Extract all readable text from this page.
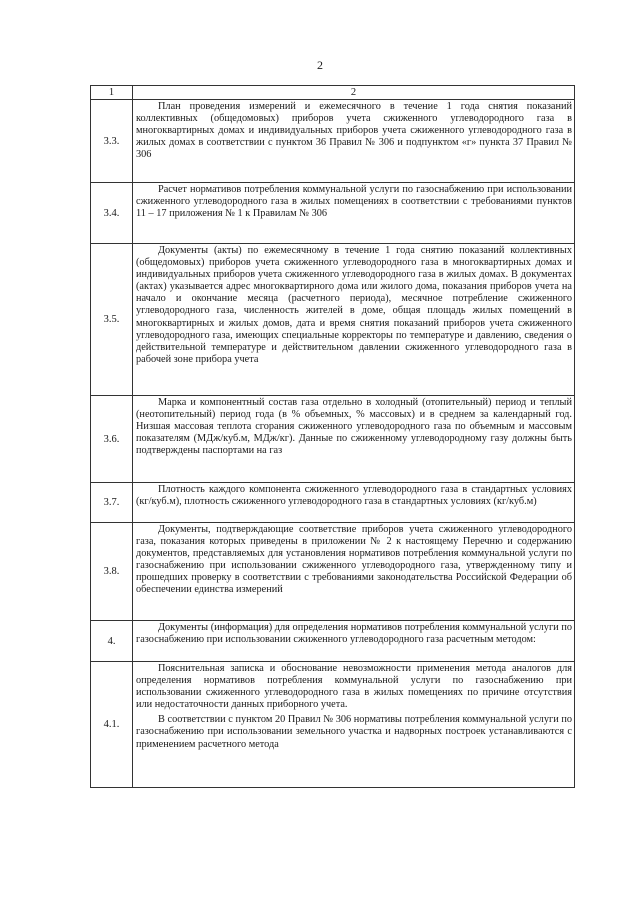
2
1	2
3.3.	План проведения измерений и ежемесячного в течение 1 года снятия показаний коллективных (общедомовых) приборов учета сжиженного углеводородного газа в многоквартирных домах и индивидуальных приборов учета сжиженного углеводородного газа в жилых домах в соответствии с пунктом 36 Правил № 306 и подпунктом «г» пункта 37 Правил № 306

3.4.	Расчет нормативов потребления коммунальной услуги по газоснабжению при использовании сжиженного углеводородного газа в жилых помещениях в соответствии с требованиями пунктов 11 – 17 приложения № 1 к Правилам № 306

3.5.	Документы (акты) по ежемесячному в течение 1 года снятию показаний коллективных (общедомовых) приборов учета сжиженного углеводородного газа в многоквартирных домах и индивидуальных приборов учета сжиженного углеводородного газа в жилых домах. В документах (актах) указывается адрес многоквартирного дома или жилого дома, показания приборов учета на начало и окончание месяца (расчетного периода), месячное потребление сжиженного углеводородного газа, численность жителей в доме, общая площадь жилых помещений в многоквартирных и жилых домов, дата и время снятия показаний приборов учета сжиженного углеводородного газа, имеющих специальные корректоры по температуре и давлению, сведения о действительной температуре и действительном давлении сжиженного углеводородного газа в рабочей зоне прибора учета

3.6.	Марка и компонентный состав газа отдельно в холодный (отопительный) период и теплый (неотопительный) период года (в % объемных, % массовых) и в среднем за календарный год. Низшая массовая теплота сгорания сжиженного углеводородного газа по объемным и массовым показателям (МДж/куб.м, МДж/кг). Данные по сжиженному углеводородному газу должны быть подтверждены паспортами на газ

3.7.	Плотность каждого компонента сжиженного углеводородного газа в стандартных условиях (кг/куб.м), плотность сжиженного углеводородного газа в стандартных условиях (кг/куб.м)

3.8.	Документы, подтверждающие соответствие приборов учета сжиженного углеводородного газа, показания которых приведены в приложении № 2 к настоящему Перечню и содержанию документов, представляемых для установления нормативов потребления коммунальной услуги по газоснабжению при использовании сжиженного углеводородного газа, утвержденному типу и прошедших проверку в соответствии с требованиями законодательства Российской Федерации об обеспечении единства измерений

4.	Документы (информация) для определения нормативов потребления коммунальной услуги по газоснабжению при использовании сжиженного углеводородного газа расчетным методом:

4.1.	Пояснительная записка и обоснование невозможности применения метода аналогов для определения нормативов потребления коммунальной услуги по газоснабжению при использовании сжиженного углеводородного газа в жилых помещениях по причине отсутствия или недостаточности данных приборного учета.

В соответствии с пунктом 20 Правил № 306 нормативы потребления коммунальной услуги по газоснабжению при использовании земельного участка и надворных построек устанавливаются с применением расчетного метода
